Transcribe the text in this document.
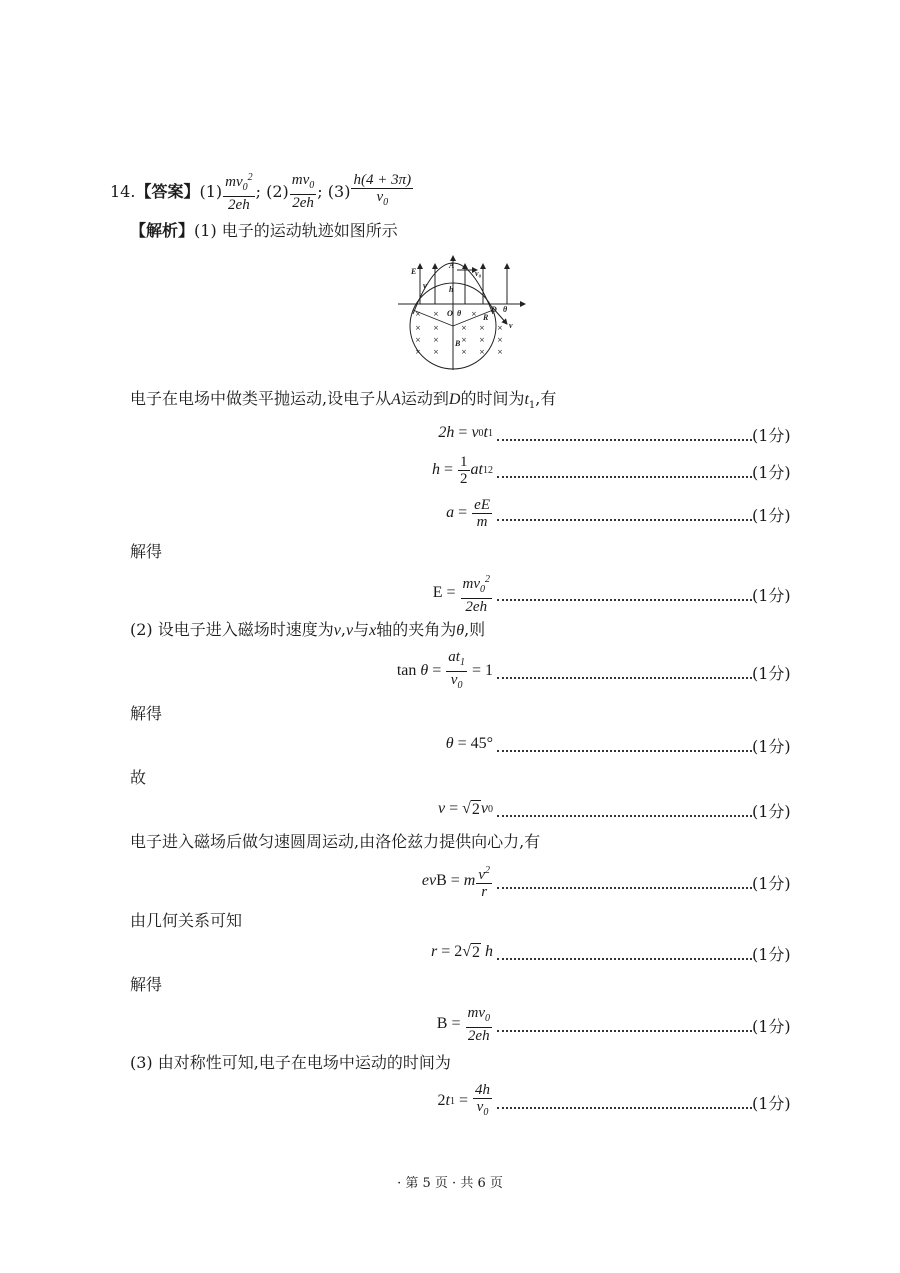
14. 【答案】 $(1) \frac{mv_0^2}{2eh}$ ;
$(2) \frac{mv_0}{2eh}$ ;
$(3) \frac{h(4 + 3\pi)}{v_0}$
【解析】(1) 电子的运动轨迹如图所示
× ×	×
× ×	× × ×
× ×	× × ×
× ×	× × ×
E
A
v₀
v	h
O θ	R
D θ
v
B
电子在电场中做类平抛运动,设电子从A运动到D的时间为$t_1$,有
2h = v 0 t 1	(1分)
$h = \frac{1}{2}$ at 1 2	(1分)
$a = \frac{eE}{m}$	(1分)
解得
$E = \frac{mv_0^2}{2eh}$	(1分)
(2) 设电子进入磁场时速度为v,v与x轴的夹角为θ,则
tan
$\theta = \frac{at_1}{v_0} = 1$	(1分)
解得
θ = 45°	(1分)
故
v = √ 2 v 0	(1分)
电子进入磁场后做匀速圆周运动,由洛伦兹力提供向心力,有
ev B = m $\frac{v^2}{r}$	(1分)
由几何关系可知
r = 2√ 2
h	(1分)
解得
$B = \frac{mv_0}{2eh}$	(1分)
(3) 由对称性可知,电子在电场中运动的时间为
2 t $1 = \frac{4h}{v_0}$	(1分)
· 第 5 页 · 共 6 页
